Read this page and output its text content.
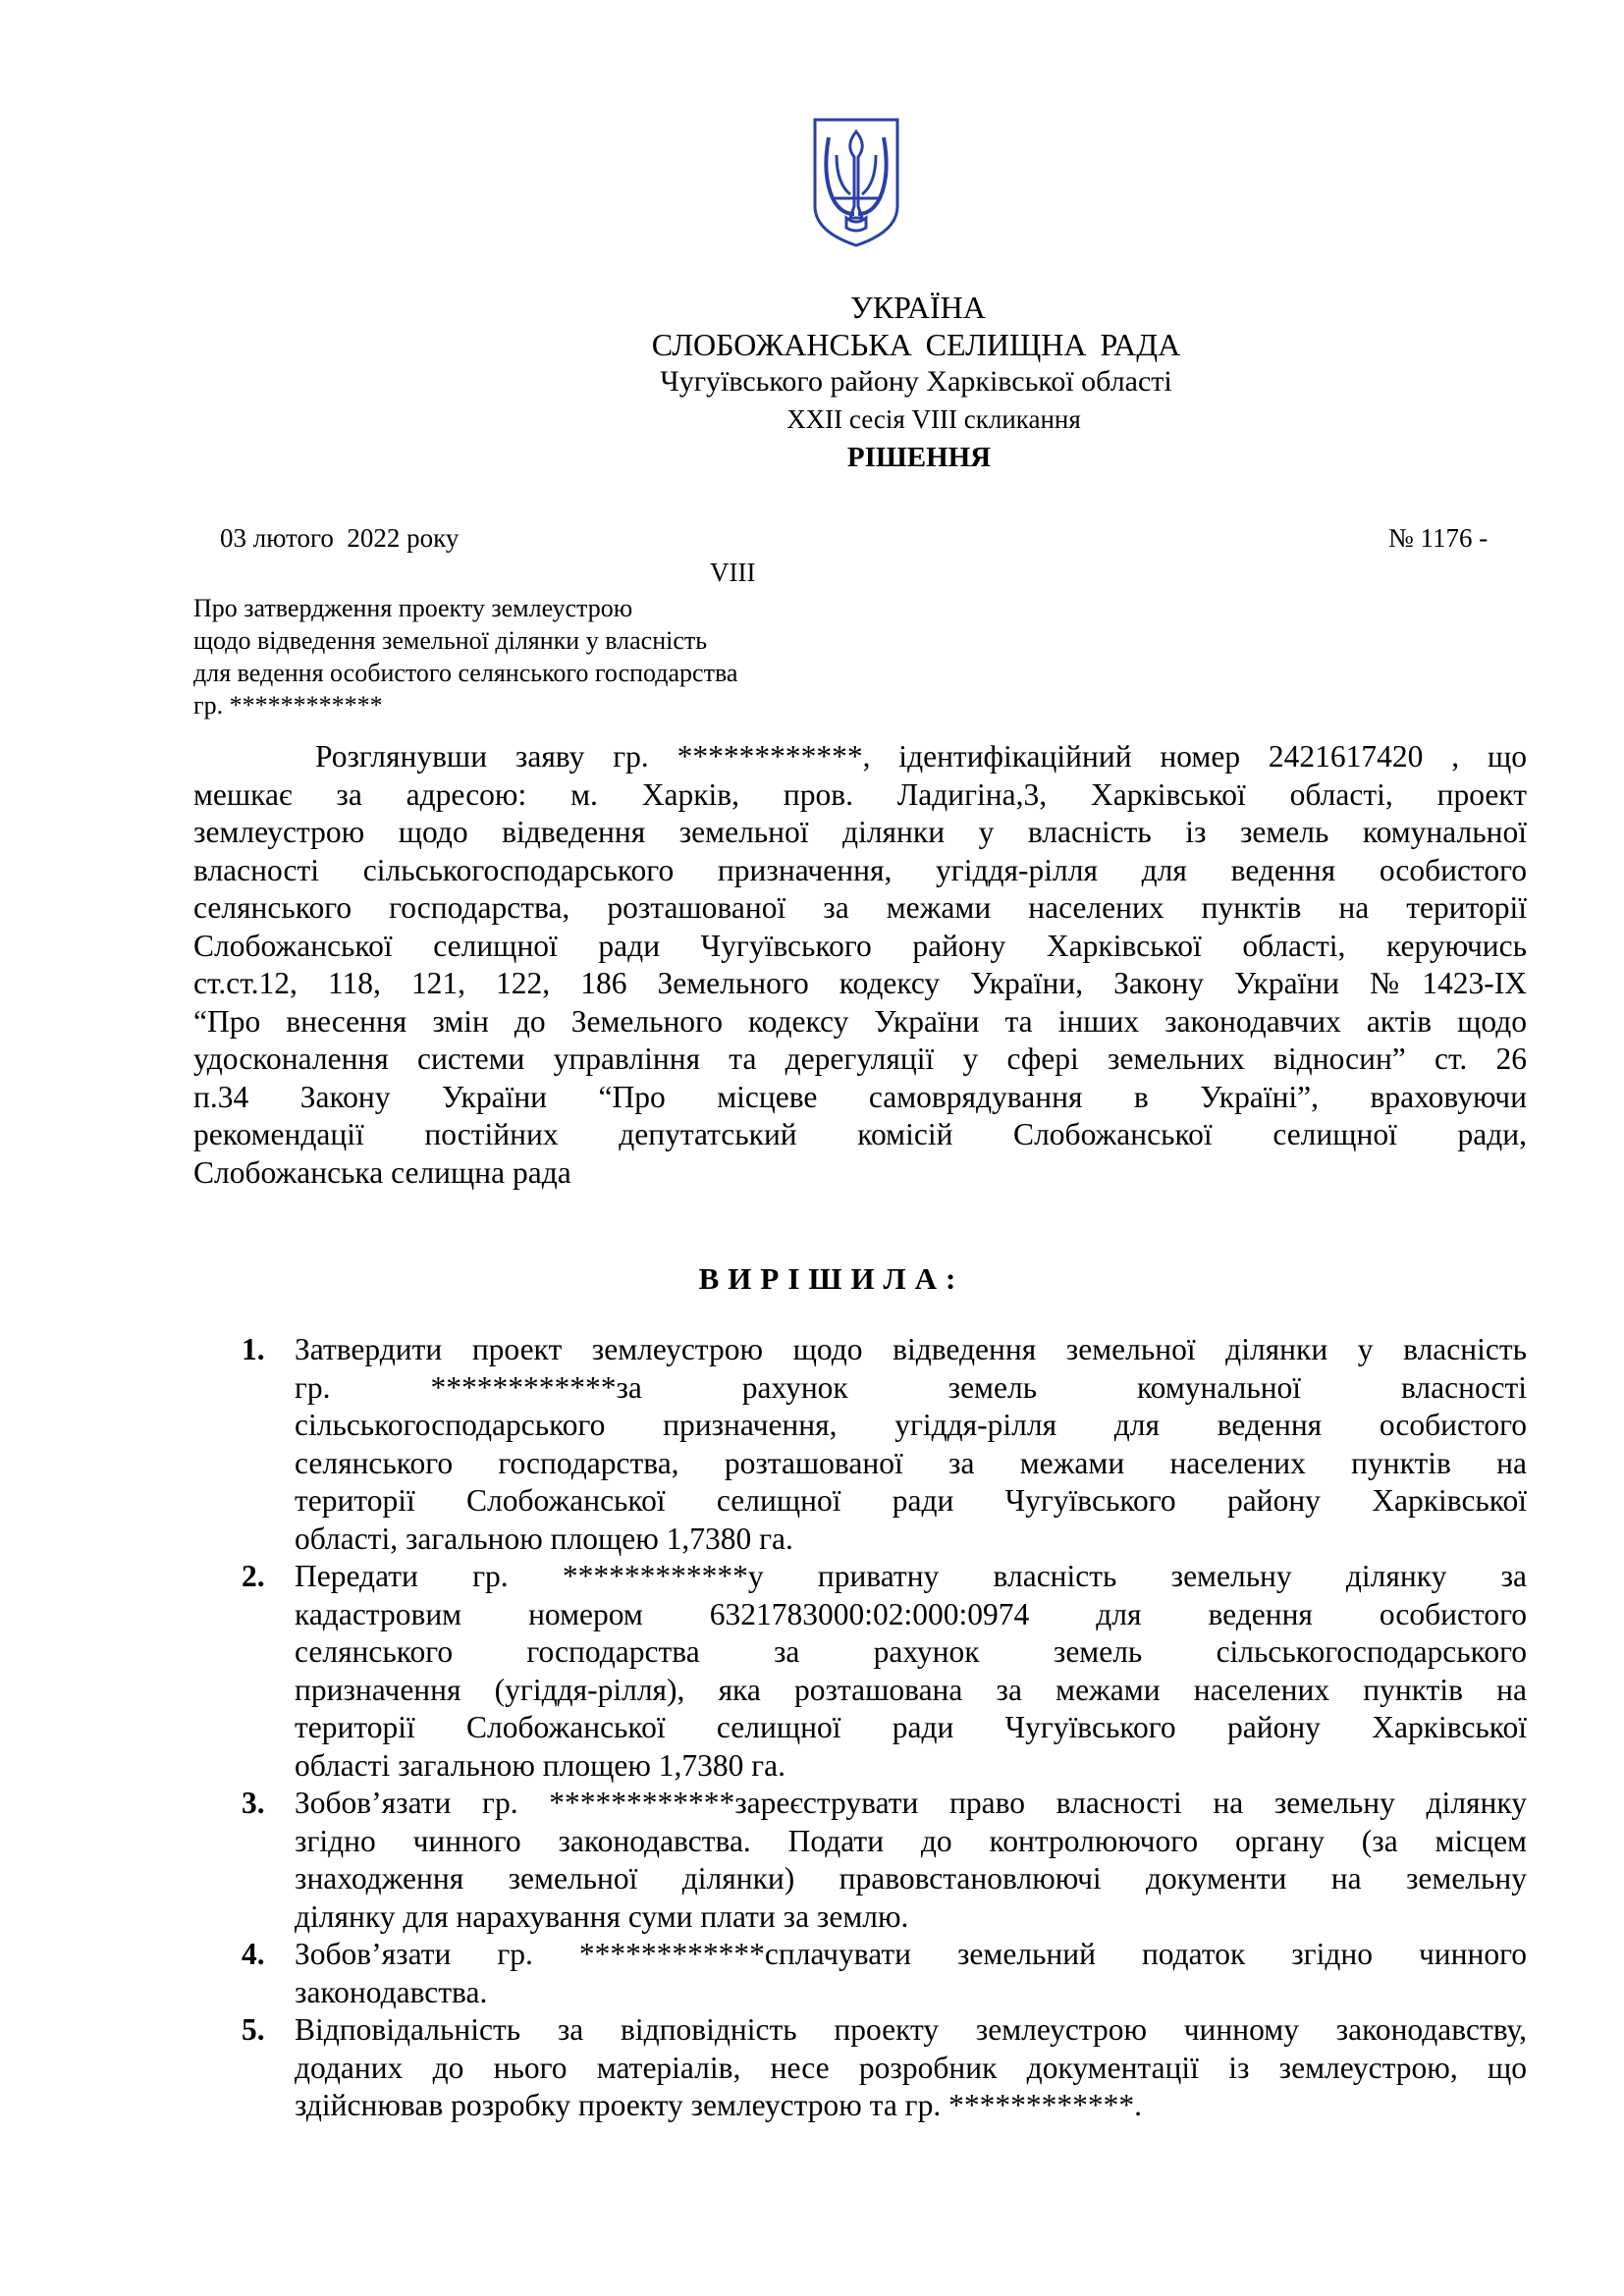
УКРАЇНА
СЛОБОЖАНСЬКА СЕЛИЩНА РАДА
Чугуївського району Харківської області
XXII сесія VIII скликання
РІШЕННЯ
03 лютого  2022 року	№ 1176 -
VIII
Про затвердження проекту землеустрою
щодо відведення земельної ділянки у власність
для ведення особистого селянського господарства
гр. ************
Розглянувши заяву гр. ************, ідентифікаційний номер 2421617420 , що
мешкає за адресою: м. Харків, пров. Ладигіна,3, Харківської області, проект
землеустрою щодо відведення земельної ділянки у власність із земель комунальної
власності сільськогосподарського призначення, угіддя-рілля для ведення особистого
селянського господарства, розташованої за межами населених пунктів на території
Слобожанської селищної ради Чугуївського району Харківської області, керуючись
ст.ст.12, 118, 121, 122, 186 Земельного кодексу України, Закону України №1423-IX
“Про внесення змін до Земельного кодексу України та інших законодавчих актів щодо
удосконалення системи управління та дерегуляції у сфері земельних відносин” ст. 26
п.34 Закону України “Про місцеве самоврядування в Україні”, враховуючи
рекомендації постійних депутатський комісій Слобожанської селищної ради,
Слобожанська селищна рада
ВИРІШИЛА:
1. Затвердити проект землеустрою щодо відведення земельної ділянки у власність
гр. ************за рахунок земель комунальної власності
сільськогосподарського призначення, угіддя-рілля для ведення особистого
селянського господарства, розташованої за межами населених пунктів на
території Слобожанської селищної ради Чугуївського району Харківської
області, загальною площею 1,7380 га.
2. Передати гр. ************у приватну власність земельну ділянку за
кадастровим номером 6321783000:02:000:0974 для ведення особистого
селянського господарства за рахунок земель сільськогосподарського
призначення (угіддя-рілля), яка розташована за межами населених пунктів на
території Слобожанської селищної ради Чугуївського району Харківської
області загальною площею 1,7380 га.
3. Зобов’язати гр. ************зареєструвати право власності на земельну ділянку
згідно чинного законодавства. Подати до контролюючого органу (за місцем
знаходження земельної ділянки) правовстановлюючі документи на земельну
ділянку для нарахування суми плати за землю.
4. Зобов’язати гр. ************сплачувати земельний податок згідно чинного
законодавства.
5. Відповідальність за відповідність проекту землеустрою чинному законодавству,
доданих до нього матеріалів, несе розробник документації із землеустрою, що
здійснював розробку проекту землеустрою та гр. ************.
